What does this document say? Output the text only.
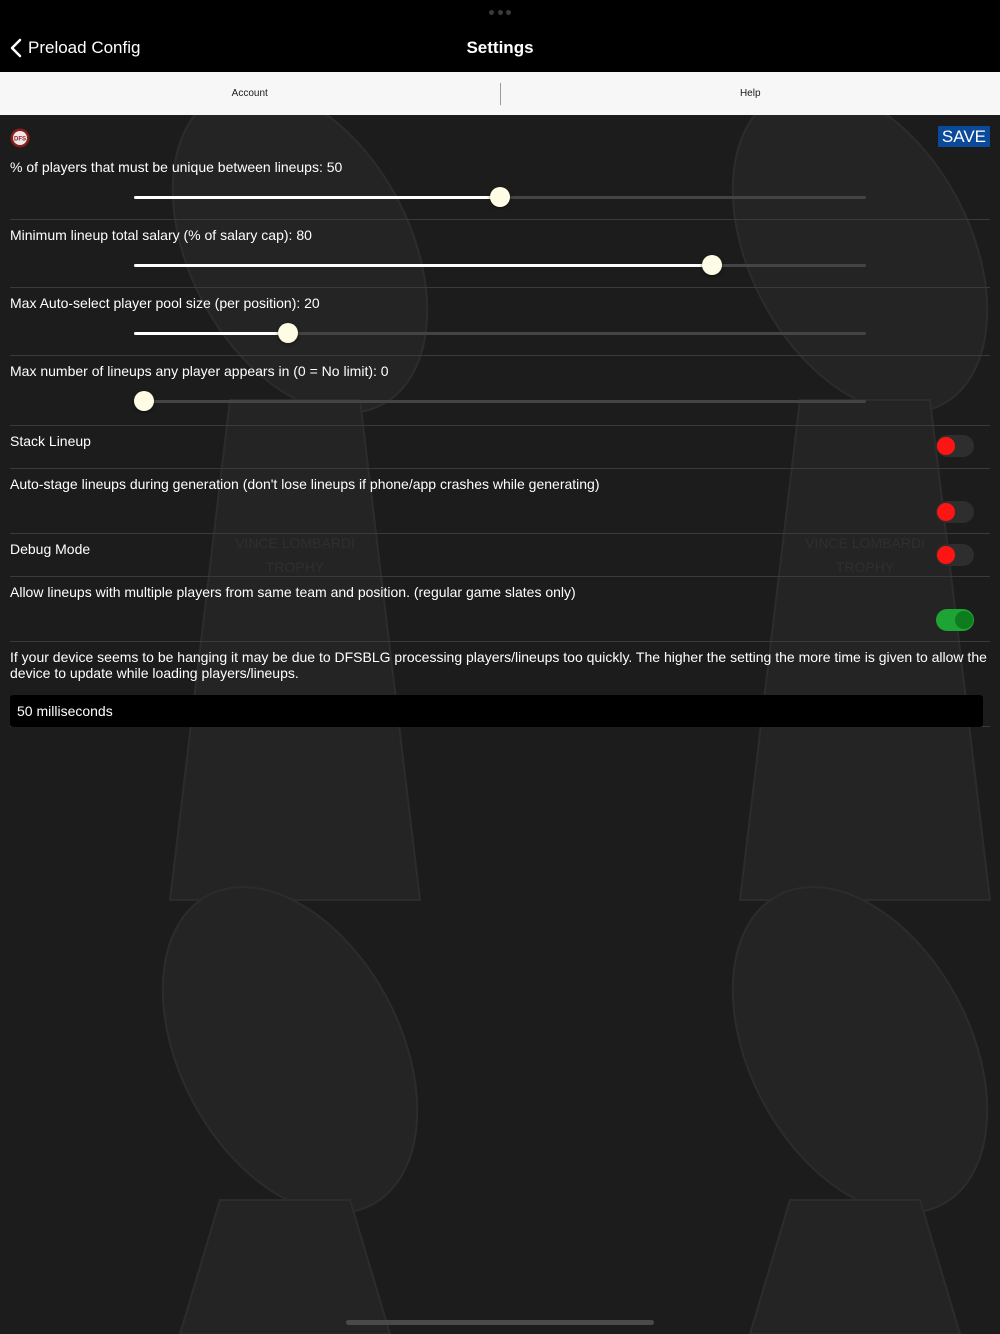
VINCE LOMBARDI
TROPHY
VINCE LOMBARDI
TROPHY
Preload Config	Settings
Account	Help
DFS	SAVE
% of players that must be unique between lineups: 50
Minimum lineup total salary (% of salary cap): 80
Max Auto-select player pool size (per position): 20
Max number of lineups any player appears in (0 = No limit): 0
Stack Lineup
Auto-stage lineups during generation (don't lose lineups if phone/app crashes while generating)
Debug Mode
Allow lineups with multiple players from same team and position. (regular game slates only)
If your device seems to be hanging it may be due to DFSBLG processing players/lineups too quickly. The higher the setting the more time is given to allow the device to update while loading players/lineups.
50 milliseconds
